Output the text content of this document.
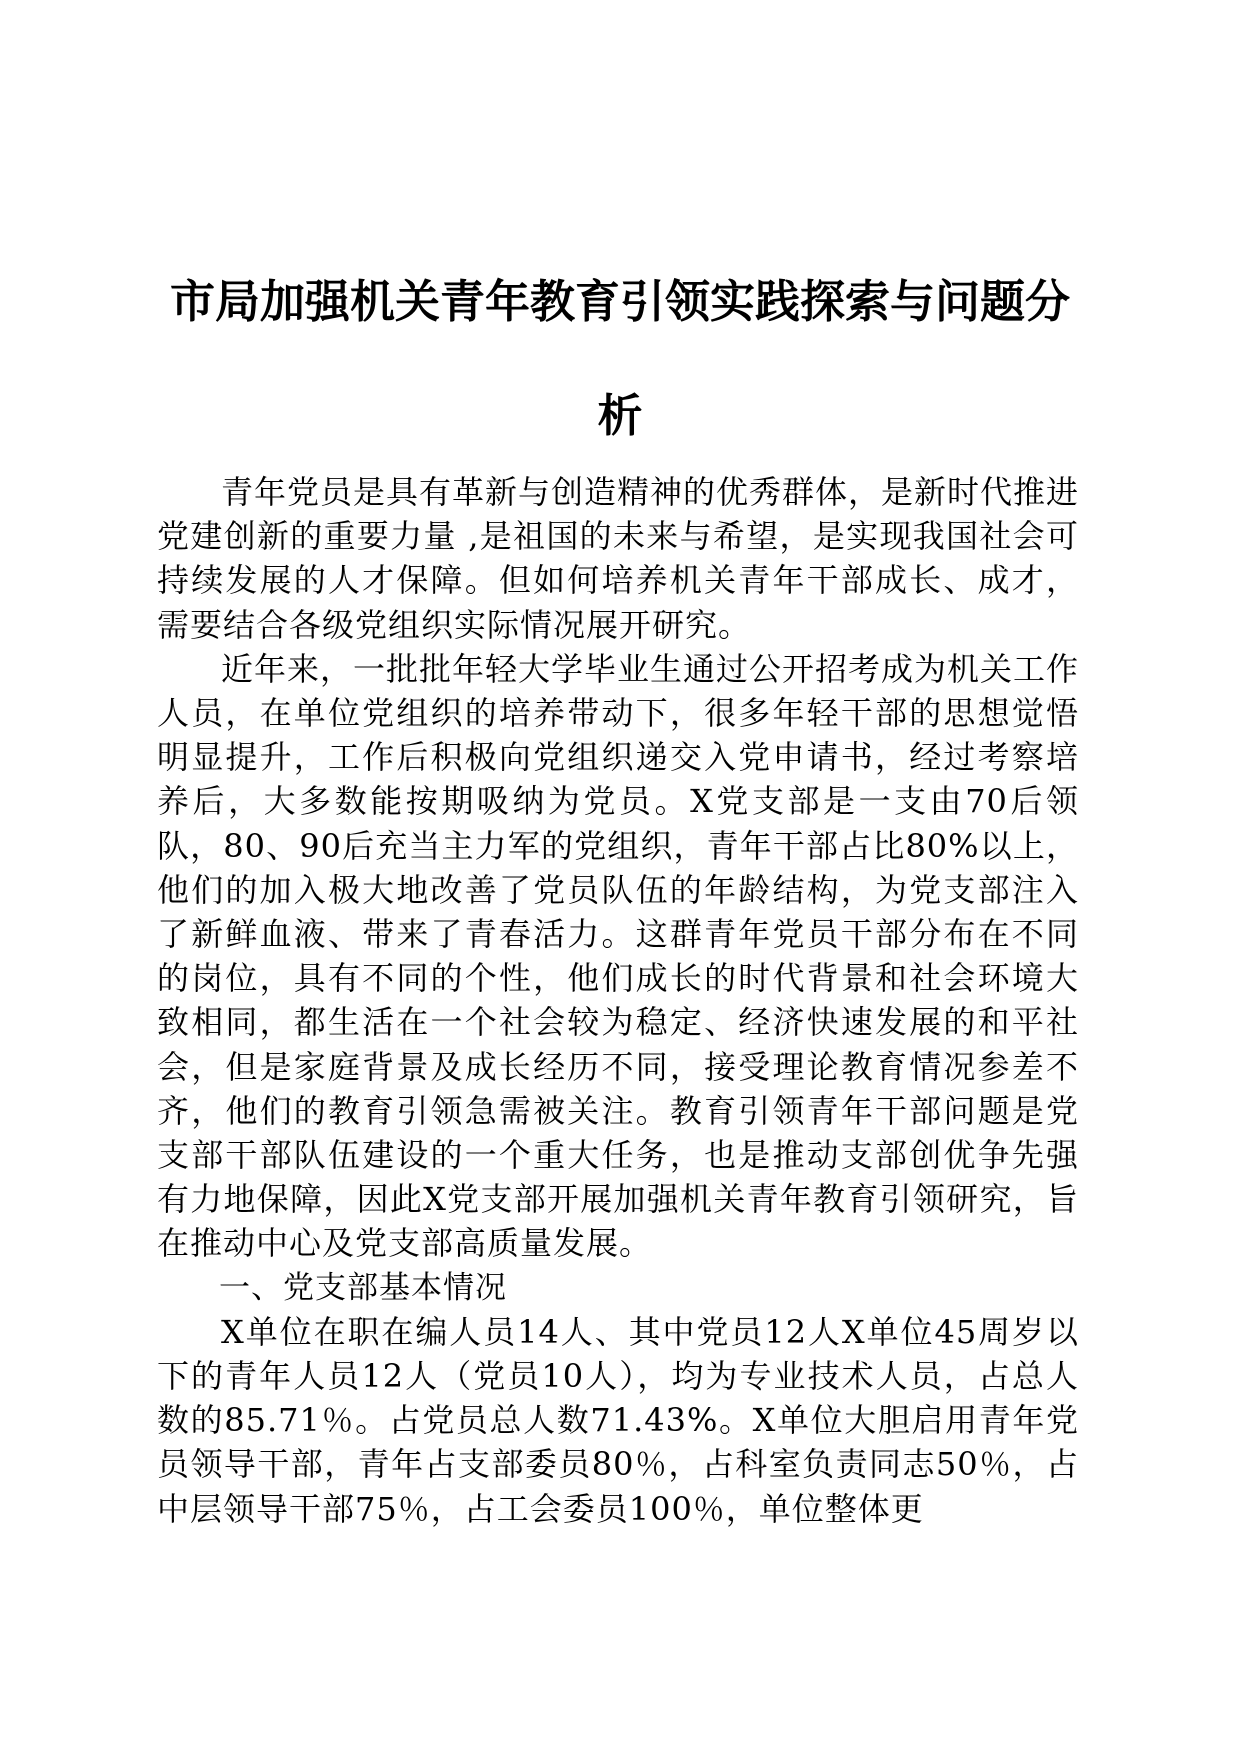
市局加强机关青年教育引领实践探索与问题分析

青年党员是具有革新与创造精神的优秀群体，是新时代推进党建创新的重要力量 ,是祖国的未来与希望，是实现我国社会可持续发展的人才保障。但如何培养机关青年干部成长、成才，需要结合各级党组织实际情况展开研究。

近年来，一批批年轻大学毕业生通过公开招考成为机关工作人员，在单位党组织的培养带动下，很多年轻干部的思想觉悟明显提升，工作后积极向党组织递交入党申请书，经过考察培养后，大多数能按期吸纳为党员。X党支部是一支由70后领队，80、90后充当主力军的党组织，青年干部占比80%以上，他们的加入极大地改善了党员队伍的年龄结构，为党支部注入了新鲜血液、带来了青春活力。这群青年党员干部分布在不同的岗位，具有不同的个性，他们成长的时代背景和社会环境大致相同，都生活在一个社会较为稳定、经济快速发展的和平社会，但是家庭背景及成长经历不同，接受理论教育情况参差不齐，他们的教育引领急需被关注。教育引领青年干部问题是党支部干部队伍建设的一个重大任务，也是推动支部创优争先强有力地保障，因此X党支部开展加强机关青年教育引领研究，旨在推动中心及党支部高质量发展。

一、党支部基本情况

X单位在职在编人员14人、其中党员12人X单位45周岁以下的青年人员12人（党员10人），均为专业技术人员，占总人数的85.71％。占党员总人数71.43%。X单位大胆启用青年党员领导干部，青年占支部委员80％，占科室负责同志50％，占中层领导干部75％，占工会委员100％，单位整体更
